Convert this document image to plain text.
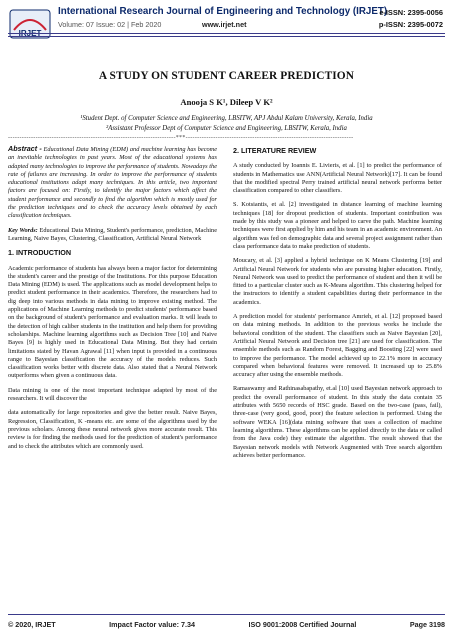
IRJET
International Research Journal of Engineering and Technology (IRJET)
Volume: 07 Issue: 02 | Feb 2020	www.irjet.net
e-ISSN: 2395-0056
p-ISSN: 2395-0072
A STUDY ON STUDENT CAREER PREDICTION
Anooja S K¹, Dileep V K²
¹Student Dept. of Computer Science and Engineering, LBSITW, APJ Abdul Kalam University, Kerala, India
²Assistant Professor Dept of Computer Science and Engineering, LBSITW, Kerala, India
-------------------------------------------------------------------------***-------------------------------------------------------------------------

Abstract - Educational Data Mining (EDM) and machine learning has become an inevitable technologies in past years. Most of the educational systems has adapted many technologies to improve the performance of students. Nowadays the rate of failures are increasing. In order to improve the performance of students educational institutions adapt many techniques. In this article, two important factors are focused on: Firstly, to identify the major factors which affect the student performance and secondly to find the algorithm which is mostly used for the prediction techniques and to check the accuracy levels obtained by each classification techniques.

Key Words: Educational Data Mining, Student's performance, prediction, Machine Learning, Naive Bayes, Clustering, Classification, Artificial Neural Network

1. INTRODUCTION

Academic performance of students has always been a major factor for determining the student's career and the prestige of the Institutions. For this purpose Education Data Mining (EDM) is used. The applications such as model development helps to predict student performance in their academics. Therefore, the researchers had to dig deep into various methods in data mining to improve existing method. The applications of Machine Learning methods to predict students' performance based on the background of student's performance and evaluation marks. It will leads to the detection of high caliber students in the institution and help them for providing scholarships. Machine learning algorithms such as Decision Tree [10] and Naive Bayes [9] is highly used in Educational Data Mining. But they had certain limitations stated by Havan Agrawal [11] when input is provided in a continuous range to Bayesian classification the accuracy of the models reduces. Such classification works better with discrete data. Also stated that a Neural Network outperforms when given a continuous data.

Data mining is one of the most important technique adapted by most of the researchers. It will discover the

data automatically for large repositories and give the better result. Naive Bayes, Regression, Classification, K -means etc. are some of the algorithms used by the previous scholars. Among these neural network gives more accurate result. This review is for finding the methods used for the prediction of student's performance and to check the attributes which are commonly used.

2. LITERATURE REVIEW

A study conducted by Ioannis E. Livieris, et al. [1] to predict the performance of students in Mathematics use ANN(Artificial Neural Network)[17]. It can be found that the modified spectral Perry trained artificial neural network performs better classification compared to other classifiers.

S. Kotsiantis, et al. [2] investigated in distance learning of machine learning techniques [18] for dropout prediction of students. Important contribution was made by this study was a pioneer and helped to carve the path. Machine learning techniques were first applied by him and his team in an academic environment. An algorithm was fed on demographic data and several project assignment rather than class performance data to make prediction of students.

Moucary, et al. [3] applied a hybrid technique on K Means Clustering [19] and Artificial Neural Network for students who are pursuing higher education. Firstly, Neural Network was used to predict the performance of student and then it will be fitted to a particular cluster such as K-Means algorithm. This clustering helped for the instructors to identify a student capabilities during their performance in the academics.

A prediction model for students' performance Amrieh, et al. [12] proposed based on data mining methods. In addition to the previous works he include the behavioral condition of the student. The classifiers such as Naive Bayesian [20], Artificial Neural Network and Decision tree [21] are used for classification. The ensemble methods such as Random Forest, Bagging and Boosting [22] were used to improve the performance. The model achieved up to 22.1% more in accuracy compared when behavioral features were removed. It increased up to 25.8% accuracy after using the ensemble methods.

Ramaswamy and Rathinasabapathy, et.al [10] used Bayesian network approach to predict the overall performance of student. In this study the data contain 35 attributes with 5650 records of HSC grade. Based on the two-case (pass, fail), three-case (very good, good, poor) the feature selection is performed. Using the software WEKA [16](data mining software that uses a collection of machine learning algorithms. These algorithms can be applied directly to the data or called from the Java code) they estimate the algorithm. The result showed that the Bayesian network models with Network Augmented with Tree search algorithm achieves better performance.

© 2020, IRJET	Impact Factor value: 7.34	ISO 9001:2008 Certified Journal	Page 3198
